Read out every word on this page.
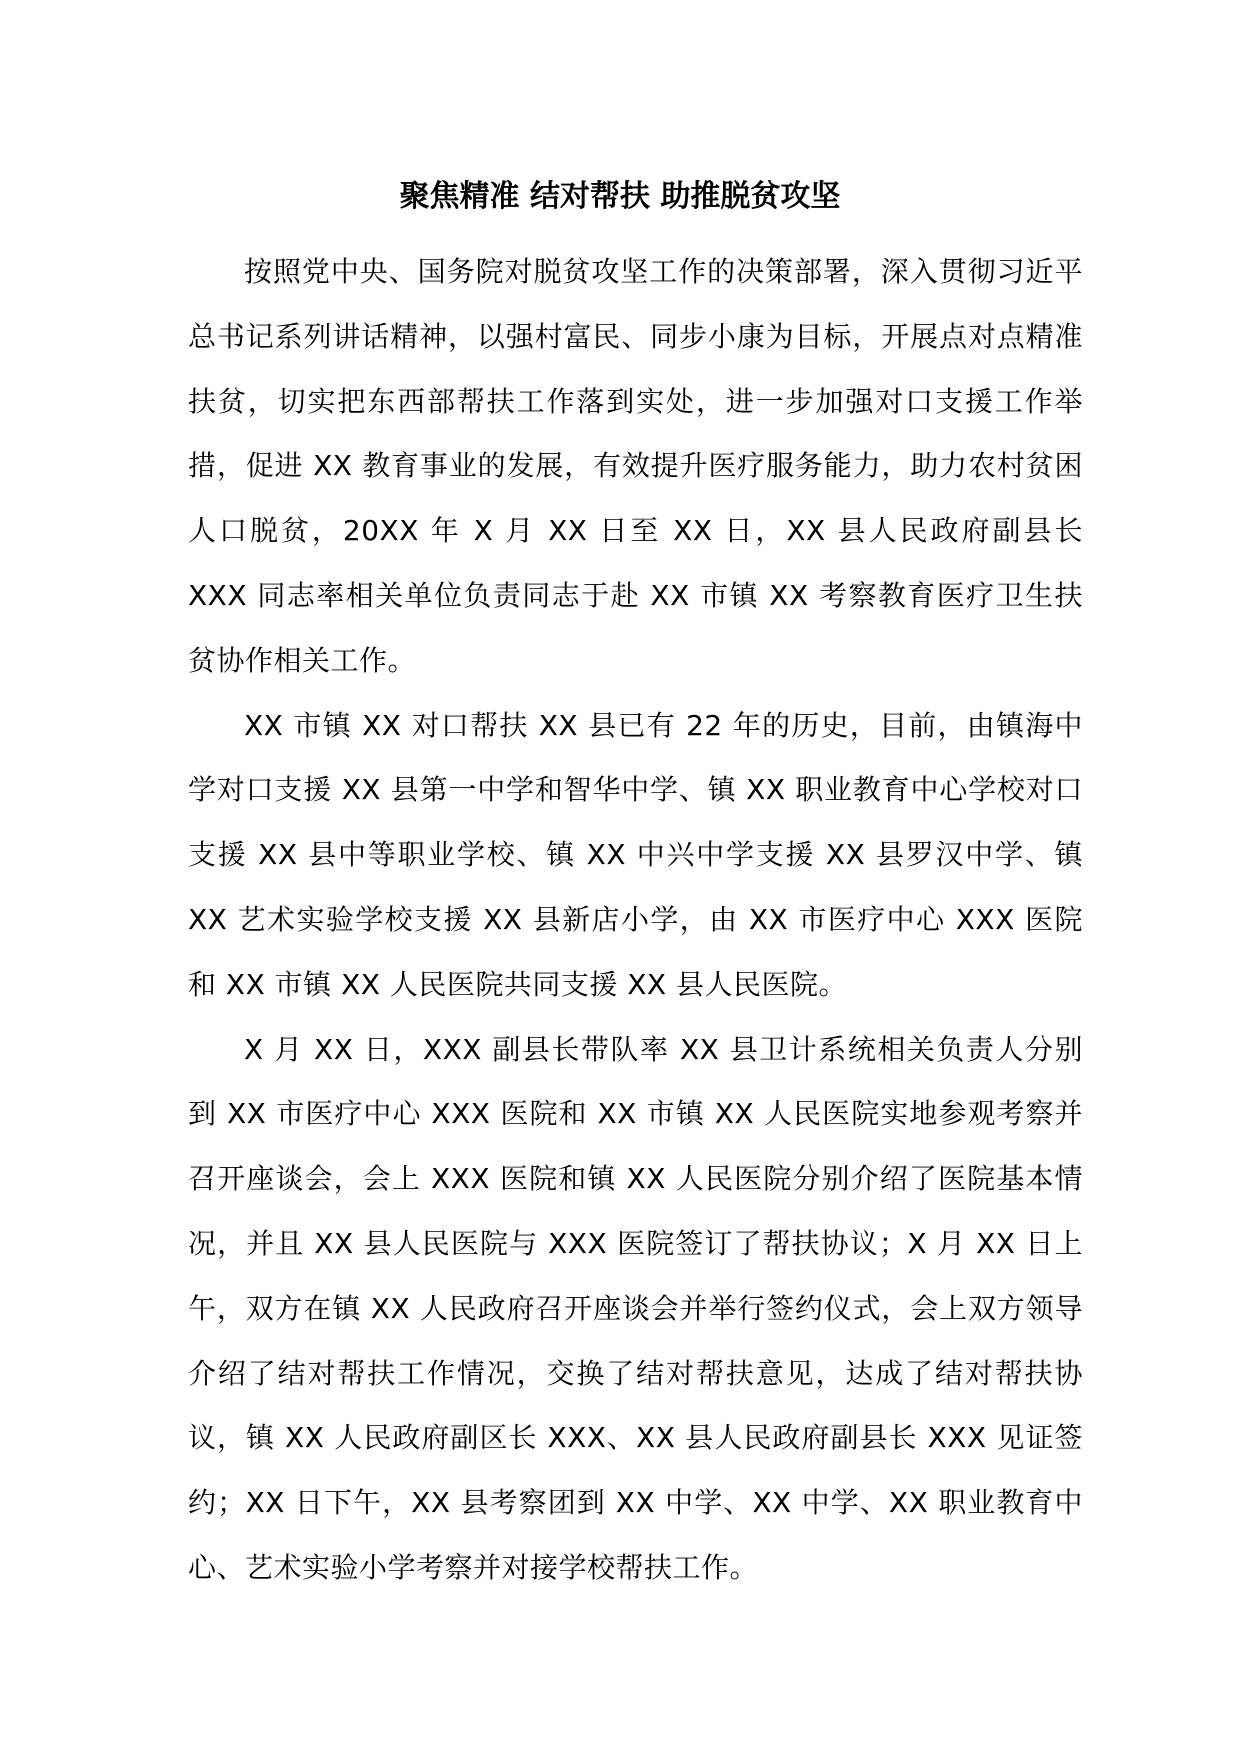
聚焦精准 结对帮扶 助推脱贫攻坚

按照党中央、国务院对脱贫攻坚工作的决策部署，深入贯彻习近平总书记系列讲话精神，以强村富民、同步小康为目标，开展点对点精准扶贫，切实把东西部帮扶工作落到实处，进一步加强对口支援工作举措，促进 XX 教育事业的发展，有效提升医疗服务能力，助力农村贫困人口脱贫，20XX 年 X 月 XX 日至 XX 日，XX 县人民政府副县长 XXX 同志率相关单位负责同志于赴 XX 市镇 XX 考察教育医疗卫生扶贫协作相关工作。

XX 市镇 XX 对口帮扶 XX 县已有 22 年的历史，目前，由镇海中学对口支援 XX 县第一中学和智华中学、镇 XX 职业教育中心学校对口支援 XX 县中等职业学校、镇 XX 中兴中学支援 XX 县罗汉中学、镇 XX 艺术实验学校支援 XX 县新店小学，由 XX 市医疗中心 XXX 医院和 XX 市镇 XX 人民医院共同支援 XX 县人民医院。

X 月 XX 日，XXX 副县长带队率 XX 县卫计系统相关负责人分别到 XX 市医疗中心 XXX 医院和 XX 市镇 XX 人民医院实地参观考察并召开座谈会，会上 XXX 医院和镇 XX 人民医院分别介绍了医院基本情况，并且 XX 县人民医院与 XXX 医院签订了帮扶协议；X 月 XX 日上午，双方在镇 XX 人民政府召开座谈会并举行签约仪式，会上双方领导介绍了结对帮扶工作情况，交换了结对帮扶意见，达成了结对帮扶协议，镇 XX 人民政府副区长 XXX、XX 县人民政府副县长 XXX 见证签约；XX 日下午，XX 县考察团到 XX 中学、XX 中学、XX 职业教育中心、艺术实验小学考察并对接学校帮扶工作。
